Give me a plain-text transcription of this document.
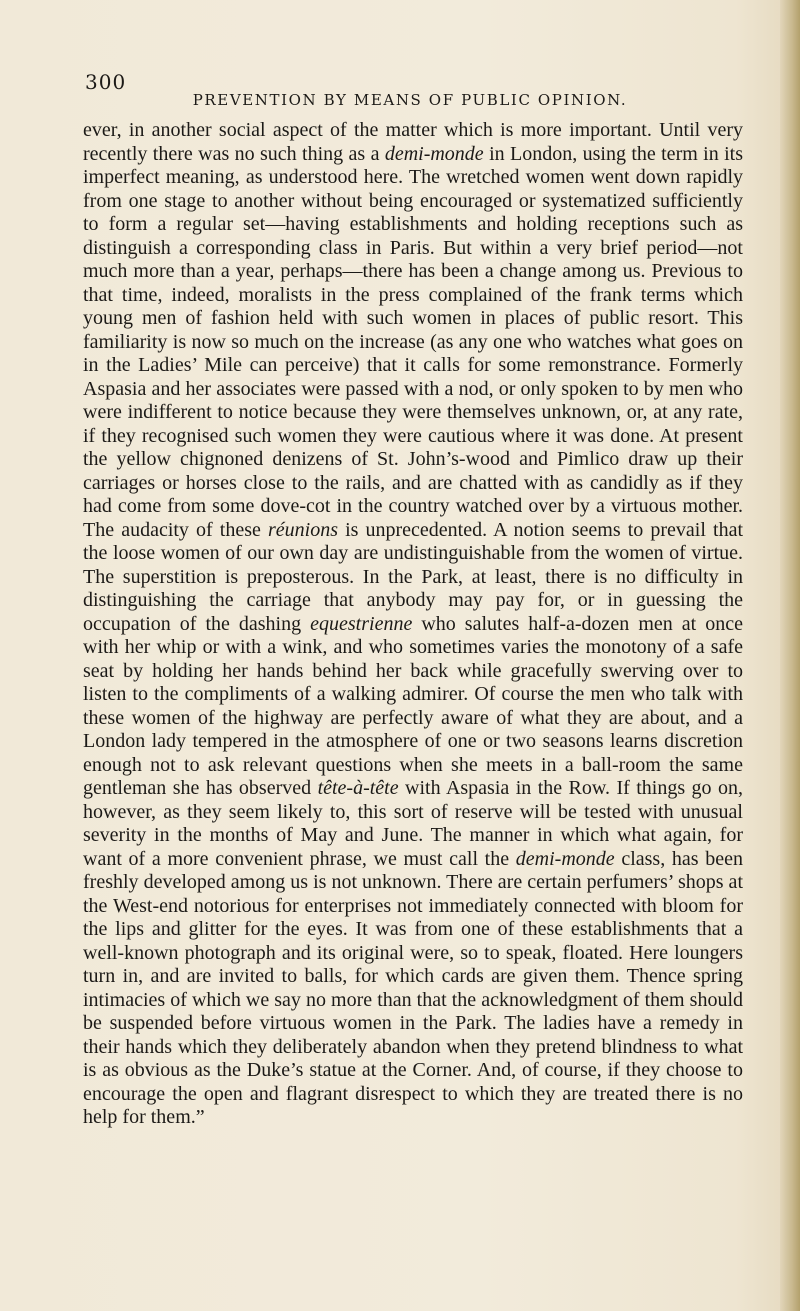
300
PREVENTION BY MEANS OF PUBLIC OPINION.

ever, in another social aspect of the matter which is more important. Until very recently there was no such thing as a demi-monde in London, using the term in its imperfect meaning, as understood here. The wretched women went down rapidly from one stage to another without being encouraged or systematized sufficiently to form a regular set—having establishments and holding receptions such as distinguish a corresponding class in Paris. But within a very brief period—not much more than a year, perhaps—there has been a change among us. Previous to that time, indeed, moralists in the press complained of the frank terms which young men of fashion held with such women in places of public resort. This familiarity is now so much on the increase (as any one who watches what goes on in the Ladies’ Mile can perceive) that it calls for some remonstrance. Formerly Aspasia and her associates were passed with a nod, or only spoken to by men who were indifferent to notice because they were themselves unknown, or, at any rate, if they recognised such women they were cautious where it was done. At present the yellow chignoned denizens of St. John’s-wood and Pimlico draw up their carriages or horses close to the rails, and are chatted with as candidly as if they had come from some dove-cot in the country watched over by a virtuous mother. The audacity of these réunions is unprecedented. A notion seems to prevail that the loose women of our own day are undistinguishable from the women of virtue. The superstition is preposterous. In the Park, at least, there is no difficulty in distinguishing the carriage that anybody may pay for, or in guessing the occupation of the dashing equestrienne who salutes half-a-dozen men at once with her whip or with a wink, and who sometimes varies the monotony of a safe seat by holding her hands behind her back while gracefully swerving over to listen to the compliments of a walking admirer. Of course the men who talk with these women of the highway are perfectly aware of what they are about, and a London lady tempered in the atmosphere of one or two seasons learns discretion enough not to ask relevant questions when she meets in a ball-room the same gentleman she has observed tête-à-tête with Aspasia in the Row. If things go on, however, as they seem likely to, this sort of reserve will be tested with unusual severity in the months of May and June. The manner in which what again, for want of a more convenient phrase, we must call the demi-monde class, has been freshly developed among us is not unknown. There are certain perfumers’ shops at the West-end notorious for enterprises not immediately connected with bloom for the lips and glitter for the eyes. It was from one of these establishments that a well-known photograph and its original were, so to speak, floated. Here loungers turn in, and are invited to balls, for which cards are given them. Thence spring intimacies of which we say no more than that the acknowledgment of them should be suspended before virtuous women in the Park. The ladies have a remedy in their hands which they deliberately abandon when they pretend blindness to what is as obvious as the Duke’s statue at the Corner. And, of course, if they choose to encourage the open and flagrant disrespect to which they are treated there is no help for them.”
